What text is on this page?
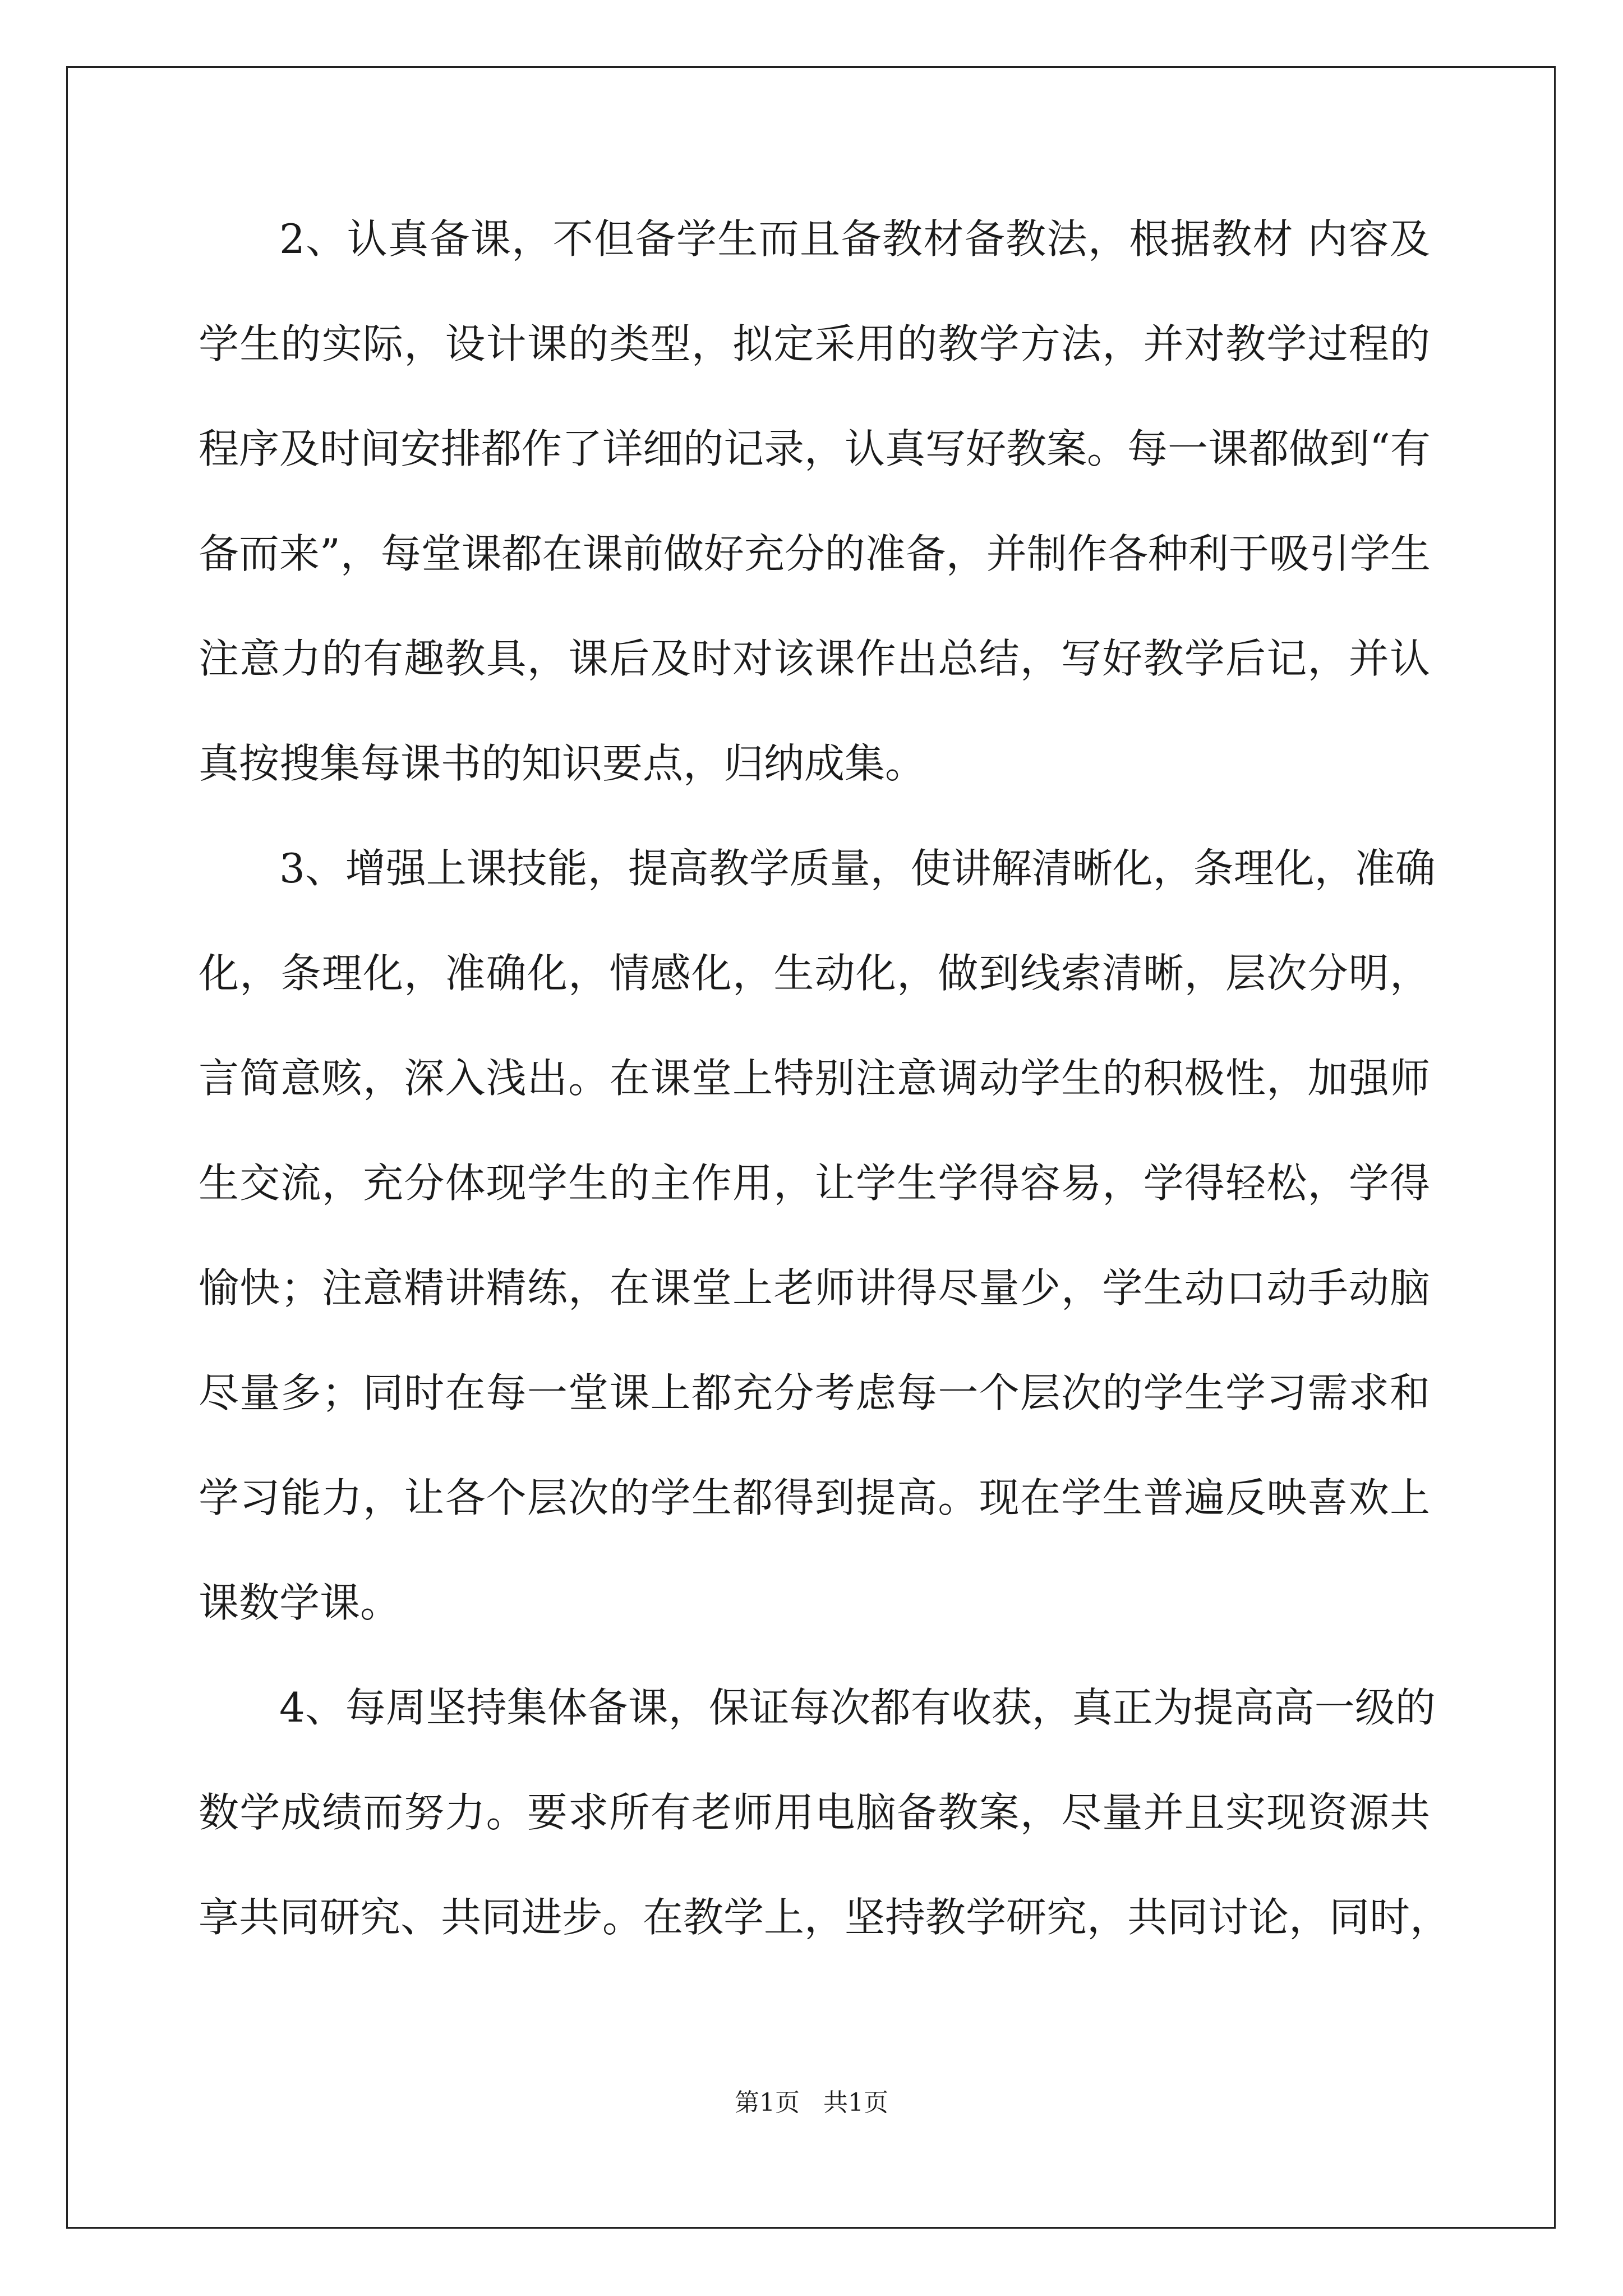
2、认真备课，不但备学生而且备教材备教法，根据教材 内容及
学生的实际，设计课的类型，拟定采用的教学方法，并对教学过程的
程序及时间安排都作了详细的记录，认真写好教案。每一课都做到“有
备而来”，每堂课都在课前做好充分的准备，并制作各种利于吸引学生
注意力的有趣教具，课后及时对该课作出总结，写好教学后记，并认
真按搜集每课书的知识要点，归纳成集。
3、增强上课技能，提高教学质量，使讲解清晰化，条理化，准确
化，条理化，准确化，情感化，生动化，做到线索清晰，层次分明，
言简意赅，深入浅出。在课堂上特别注意调动学生的积极性，加强师
生交流，充分体现学生的主作用，让学生学得容易，学得轻松，学得
愉快；注意精讲精练，在课堂上老师讲得尽量少，学生动口动手动脑
尽量多；同时在每一堂课上都充分考虑每一个层次的学生学习需求和
学习能力，让各个层次的学生都得到提高。现在学生普遍反映喜欢上
课数学课。
4、每周坚持集体备课，保证每次都有收获，真正为提高高一级的
数学成绩而努力。要求所有老师用电脑备教案，尽量并且实现资源共
享共同研究、共同进步。在教学上，坚持教学研究，共同讨论，同时，
第1页   共1页
